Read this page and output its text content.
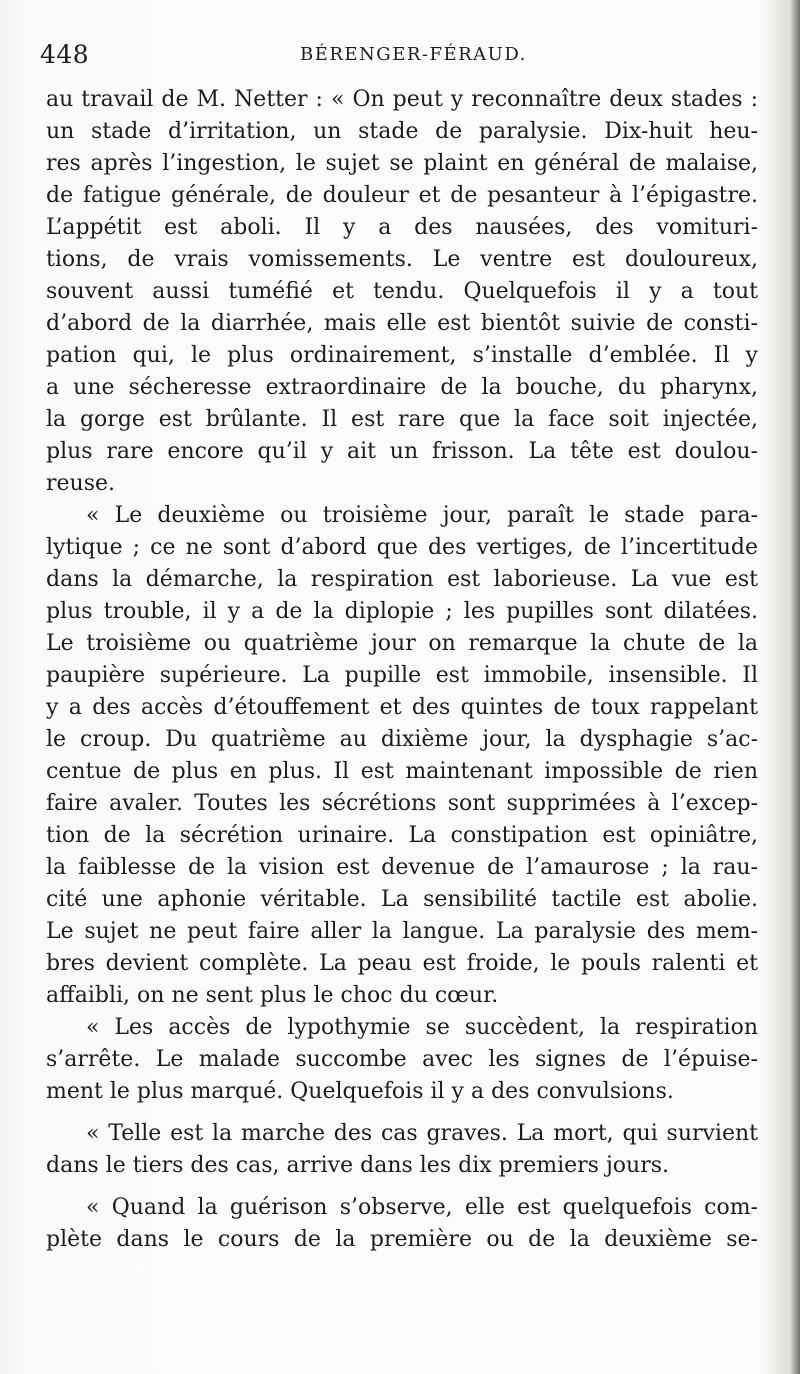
448	BÉRENGER-FÉRAUD.
au travail de M. Netter : « On peut y reconnaître deux stades :
un stade d’irritation, un stade de paralysie. Dix-huit heu-
res après l’ingestion, le sujet se plaint en général de malaise,
de fatigue générale, de douleur et de pesanteur à l’épigastre.
L’appétit est aboli. Il y a des nausées, des vomituri-
tions, de vrais vomissements. Le ventre est douloureux,
souvent aussi tuméfié et tendu. Quelquefois il y a tout
d’abord de la diarrhée, mais elle est bientôt suivie de consti-
pation qui, le plus ordinairement, s’installe d’emblée. Il y
a une sécheresse extraordinaire de la bouche, du pharynx,
la gorge est brûlante. Il est rare que la face soit injectée,
plus rare encore qu’il y ait un frisson. La tête est doulou-
reuse.
« Le deuxième ou troisième jour, paraît le stade para-
lytique ; ce ne sont d’abord que des vertiges, de l’incertitude
dans la démarche, la respiration est laborieuse. La vue est
plus trouble, il y a de la diplopie ; les pupilles sont dilatées.
Le troisième ou quatrième jour on remarque la chute de la
paupière supérieure. La pupille est immobile, insensible. Il
y a des accès d’étouffement et des quintes de toux rappelant
le croup. Du quatrième au dixième jour, la dysphagie s’ac-
centue de plus en plus. Il est maintenant impossible de rien
faire avaler. Toutes les sécrétions sont supprimées à l’excep-
tion de la sécrétion urinaire. La constipation est opiniâtre,
la faiblesse de la vision est devenue de l’amaurose ; la rau-
cité une aphonie véritable. La sensibilité tactile est abolie.
Le sujet ne peut faire aller la langue. La paralysie des mem-
bres devient complète. La peau est froide, le pouls ralenti et
affaibli, on ne sent plus le choc du cœur.
« Les accès de lypothymie se succèdent, la respiration
s’arrête. Le malade succombe avec les signes de l’épuise-
ment le plus marqué. Quelquefois il y a des convulsions.
« Telle est la marche des cas graves. La mort, qui survient
dans le tiers des cas, arrive dans les dix premiers jours.
« Quand la guérison s’observe, elle est quelquefois com-
plète dans le cours de la première ou de la deuxième se-
